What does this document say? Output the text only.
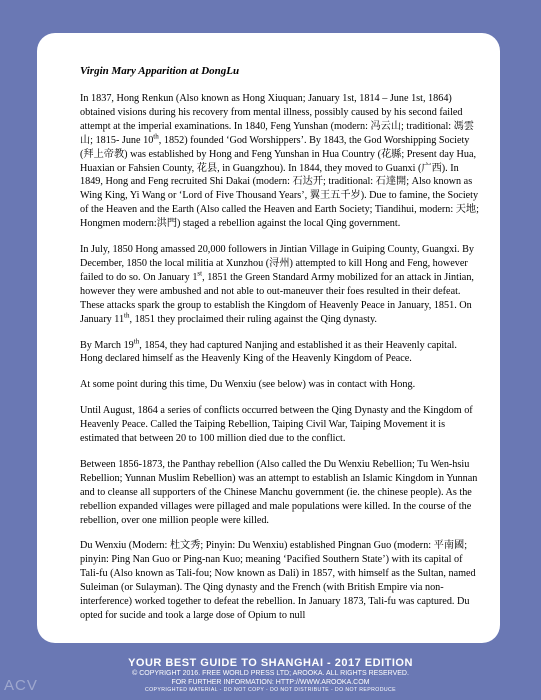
Virgin Mary Apparition at DongLu

In 1837, Hong Renkun (Also known as Hong Xiuquan; January 1st, 1814 – June 1st, 1864) obtained visions during his recovery from mental illness, possibly caused by his second failed attempt at the imperial examinations. In 1840, Feng Yunshan (modern: 冯云山; traditional: 馮雲山; 1815- June 10th, 1852) founded ‘God Worshippers’. By 1843, the God Worshipping Society (拜上帝教) was established by Hong and Feng Yunshan in Hua Country (花縣; Present day Hua, Huaxian or Fahsien County, 花县, in Guangzhou). In 1844, they moved to Guanxi (广西). In 1849, Hong and Feng recruited Shi Dakai (modern: 石达开; traditional: 石達開; Also known as Wing King, Yi Wang or ‘Lord of Five Thousand Years’, 翼王五千岁). Due to famine, the Society of the Heaven and the Earth (Also called the Heaven and Earth Society; Tiandihui, modern: 天地; Hongmen modern:洪門) staged a rebellion against the local Qing government.

In July, 1850 Hong amassed 20,000 followers in Jintian Village in Guiping County, Guangxi. By December, 1850 the local militia at Xunzhou (浔州) attempted to kill Hong and Feng, however failed to do so. On January 1st, 1851 the Green Standard Army mobilized for an attack in Jintian, however they were ambushed and not able to out-maneuver their foes resulted in their defeat. These attacks spark the group to establish the Kingdom of Heavenly Peace in January, 1851. On January 11th, 1851 they proclaimed their ruling against the Qing dynasty.

By March 19th, 1854, they had captured Nanjing and established it as their Heavenly capital. Hong declared himself as the Heavenly King of the Heavenly Kingdom of Peace.

At some point during this time, Du Wenxiu (see below) was in contact with Hong.

Until August, 1864 a series of conflicts occurred between the Qing Dynasty and the Kingdom of Heavenly Peace. Called the Taiping Rebellion, Taiping Civil War, Taiping Movement it is estimated that between 20 to 100 million died due to the conflict.

Between 1856-1873, the Panthay rebellion (Also called the Du Wenxiu Rebellion; Tu Wen-hsiu Rebellion; Yunnan Muslim Rebellion) was an attempt to establish an Islamic Kingdom in Yunnan and to cleanse all supporters of the Chinese Manchu government (ie. the chinese people). As the rebellion expanded villages were pillaged and male populations were killed. In the course of the rebellion, over one million people were killed.

Du Wenxiu (Modern: 杜文秀; Pinyin: Du Wenxiu) established Pingnan Guo (modern: 平南國; pinyin: Ping Nan Guo or Ping-nan Kuo; meaning ‘Pacified Southern State’) with its capital of Tali-fu (Also known as Tali-fou; Now known as Dali) in 1857, with himself as the Sultan, named Suleiman (or Sulayman). The Qing dynasty and the French (with British Empire via non-interference) worked together to defeat the rebellion. In January 1873, Tali-fu was captured. Du opted for sucide and took a large dose of Opium to null

YOUR BEST GUIDE TO SHANGHAI - 2017 EDITION
© COPYRIGHT 2016. FREE WORLD PRESS LTD; AROOKA. ALL RIGHTS RESERVED.
FOR FURTHER INFORMATION: HTTP://WWW.AROOKA.COM
COPYRIGHTED MATERIAL - DO NOT COPY - DO NOT DISTRIBUTE - DO NOT REPRODUCE
ACV
